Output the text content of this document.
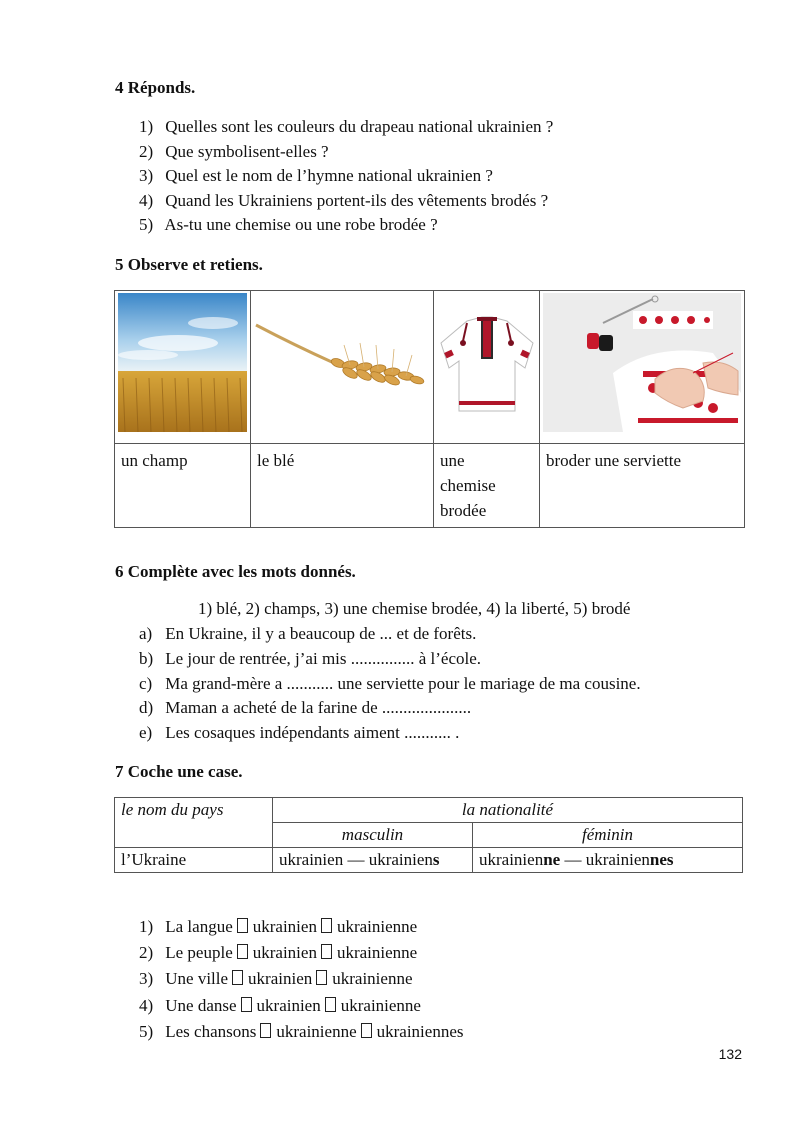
4 Réponds.
1) Quelles sont les couleurs du drapeau national ukrainien ?
2) Que symbolisent-elles ?
3) Quel est le nom de l’hymne national ukrainien ?
4) Quand les Ukrainiens portent-ils des vêtements brodés ?
5) As-tu une chemise ou une robe brodée ?
5 Observe et retiens.

un champ	le blé	une
chemise
brodée	broder une serviette
6 Complète avec les mots donnés.
1) blé, 2) champs, 3) une chemise brodée, 4) la liberté, 5) brodé
a) En Ukraine, il y a beaucoup de ... et de forêts.
b) Le jour de rentrée, j’ai mis ............... à l’école.
c) Ma grand-mère a ........... une serviette pour le mariage de ma cousine.
d) Maman a acheté de la farine de .....................
e) Les cosaques indépendants aiment ........... .
7 Coche une case.
le nom du pays	la nationalité	

	masculin	féminin

l’Ukraine	ukrainien — ukrainiens	ukrainienne — ukrainiennes
1) La langue ukrainien ukrainienne
2) Le peuple ukrainien ukrainienne
3) Une ville ukrainien ukrainienne
4) Une danse ukrainien ukrainienne
5) Les chansons ukrainienne ukrainiennes
132
